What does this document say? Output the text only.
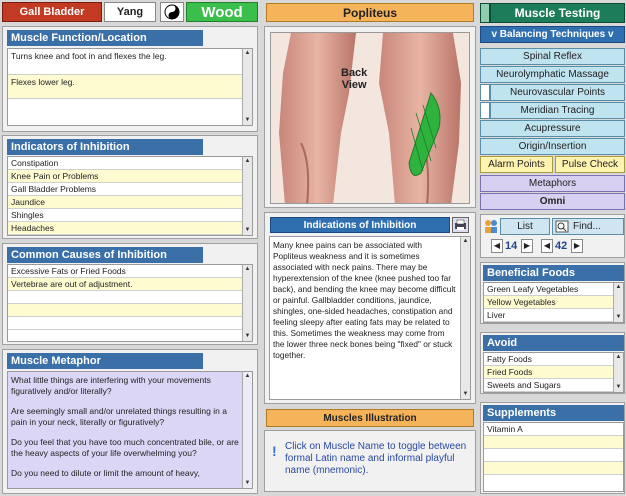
Gall Bladder	Yang	Wood
Muscle Function/Location
Turns knee and foot in and flexes the leg.
Flexes lower leg.
▲
▼
Indicators of Inhibition
Constipation
Knee Pain or Problems
Gall Bladder Problems
Jaundice
Shingles
Headaches
▲
▼
Common Causes of Inhibition
Excessive Fats or Fried Foods
Vertebrae are out of adjustment.
▲
▼
Muscle Metaphor

What little things are interfering with your movements figuratively and/or literally?

Are seemingly small and/or unrelated things resulting in a pain in your neck, literally or figuratively?

Do you feel that you have too much concentrated bile, or are the heavy aspects of your life overwhelming you?

Do you need to dilute or limit the amount of heavy,

▲
▼
Popliteus
Back
View
Indications of Inhibition
Many knee pains can be associated with Popliteus weakness and it is sometimes associated with neck pains. There may be hyperextension of the knee (knee pushed too far back), and bending the knee may become difficult or painful. Gallbladder conditions, jaundice, shingles, one-sided headaches, constipation and feeling sleepy after eating fats may be related to this. Sometimes the weakness may come from the lower three neck bones being "fixed" or stuck together.
▲
▼
Muscles Illustration
! Click on Muscle Name to toggle between formal Latin name and informal playful name (mnemonic).
Muscle Testing
v Balancing Techniques v
Spinal Reflex
Neurolymphatic Massage
Neurovascular Points
Meridian Tracing
Acupressure
Origin/Insertion
Alarm Points	Pulse Check
Metaphors
Omni
List	Find...
◀ 14 ▶	◀ 42 ▶
Beneficial Foods
Green Leafy Vegetables
Yellow Vegetables
Liver
▲
▼
Avoid
Fatty Foods
Fried Foods
Sweets and Sugars
▲
▼
Supplements
Vitamin A
